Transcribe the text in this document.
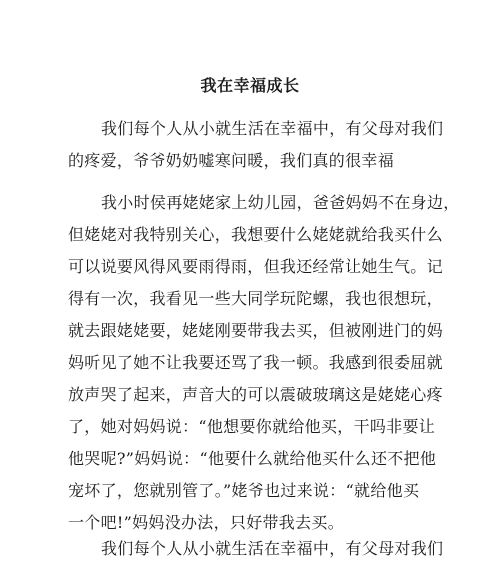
我在幸福成长
我们每个人从小就生活在幸福中，有父母对我们
的疼爱，爷爷奶奶嘘寒问暖，我们真的很幸福
我小时侯再姥姥家上幼儿园，爸爸妈妈不在身边，
但姥姥对我特别关心，我想要什么姥姥就给我买什么
可以说要风得风要雨得雨，但我还经常让她生气。记
得有一次，我看见一些大同学玩陀螺，我也很想玩，
就去跟姥姥要，姥姥刚要带我去买，但被刚进门的妈
妈听见了她不让我要还骂了我一顿。我感到很委屈就
放声哭了起来，声音大的可以震破玻璃这是姥姥心疼
了，她对妈妈说：“他想要你就给他买，干吗非要让
他哭呢?”妈妈说：“他要什么就给他买什么还不把他
宠坏了，您就别管了。”姥爷也过来说：“就给他买
一个吧!”妈妈没办法，只好带我去买。
我们每个人从小就生活在幸福中，有父母对我们
